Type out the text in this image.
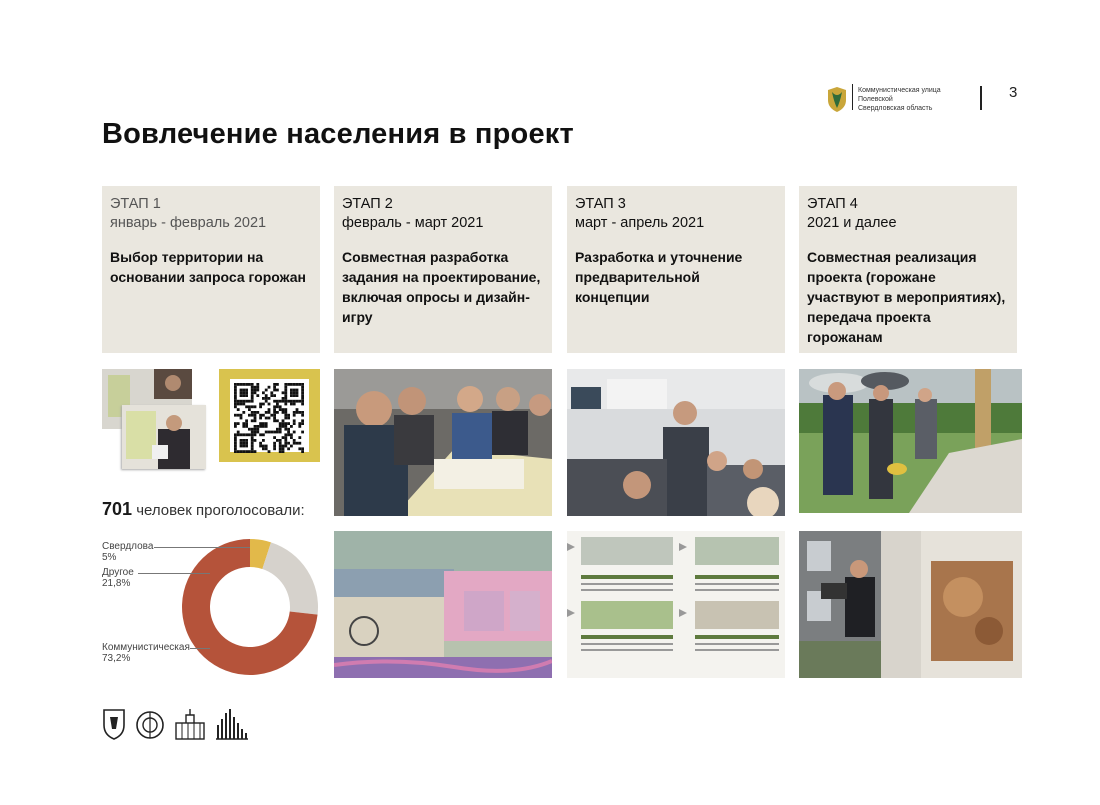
Коммунистическая улица
Полевской
Свердловская область
3
Вовлечение населения в проект
ЭТАП 1
январь - февраль 2021
Выбор территории на основании запроса горожан
ЭТАП 2
февраль - март 2021
Совместная разработка задания на проектирование, включая опросы и дизайн-игру
ЭТАП 3
март - апрель 2021
Разработка и уточнение предварительной концепции
ЭТАП 4
2021 и далее
Совместная реализация проекта (горожане участвуют в мероприятиях), передача проекта горожанам
701 человек проголосовали:
Свердлова
5%
Другое
21,8%
Коммунистическая
73,2%
